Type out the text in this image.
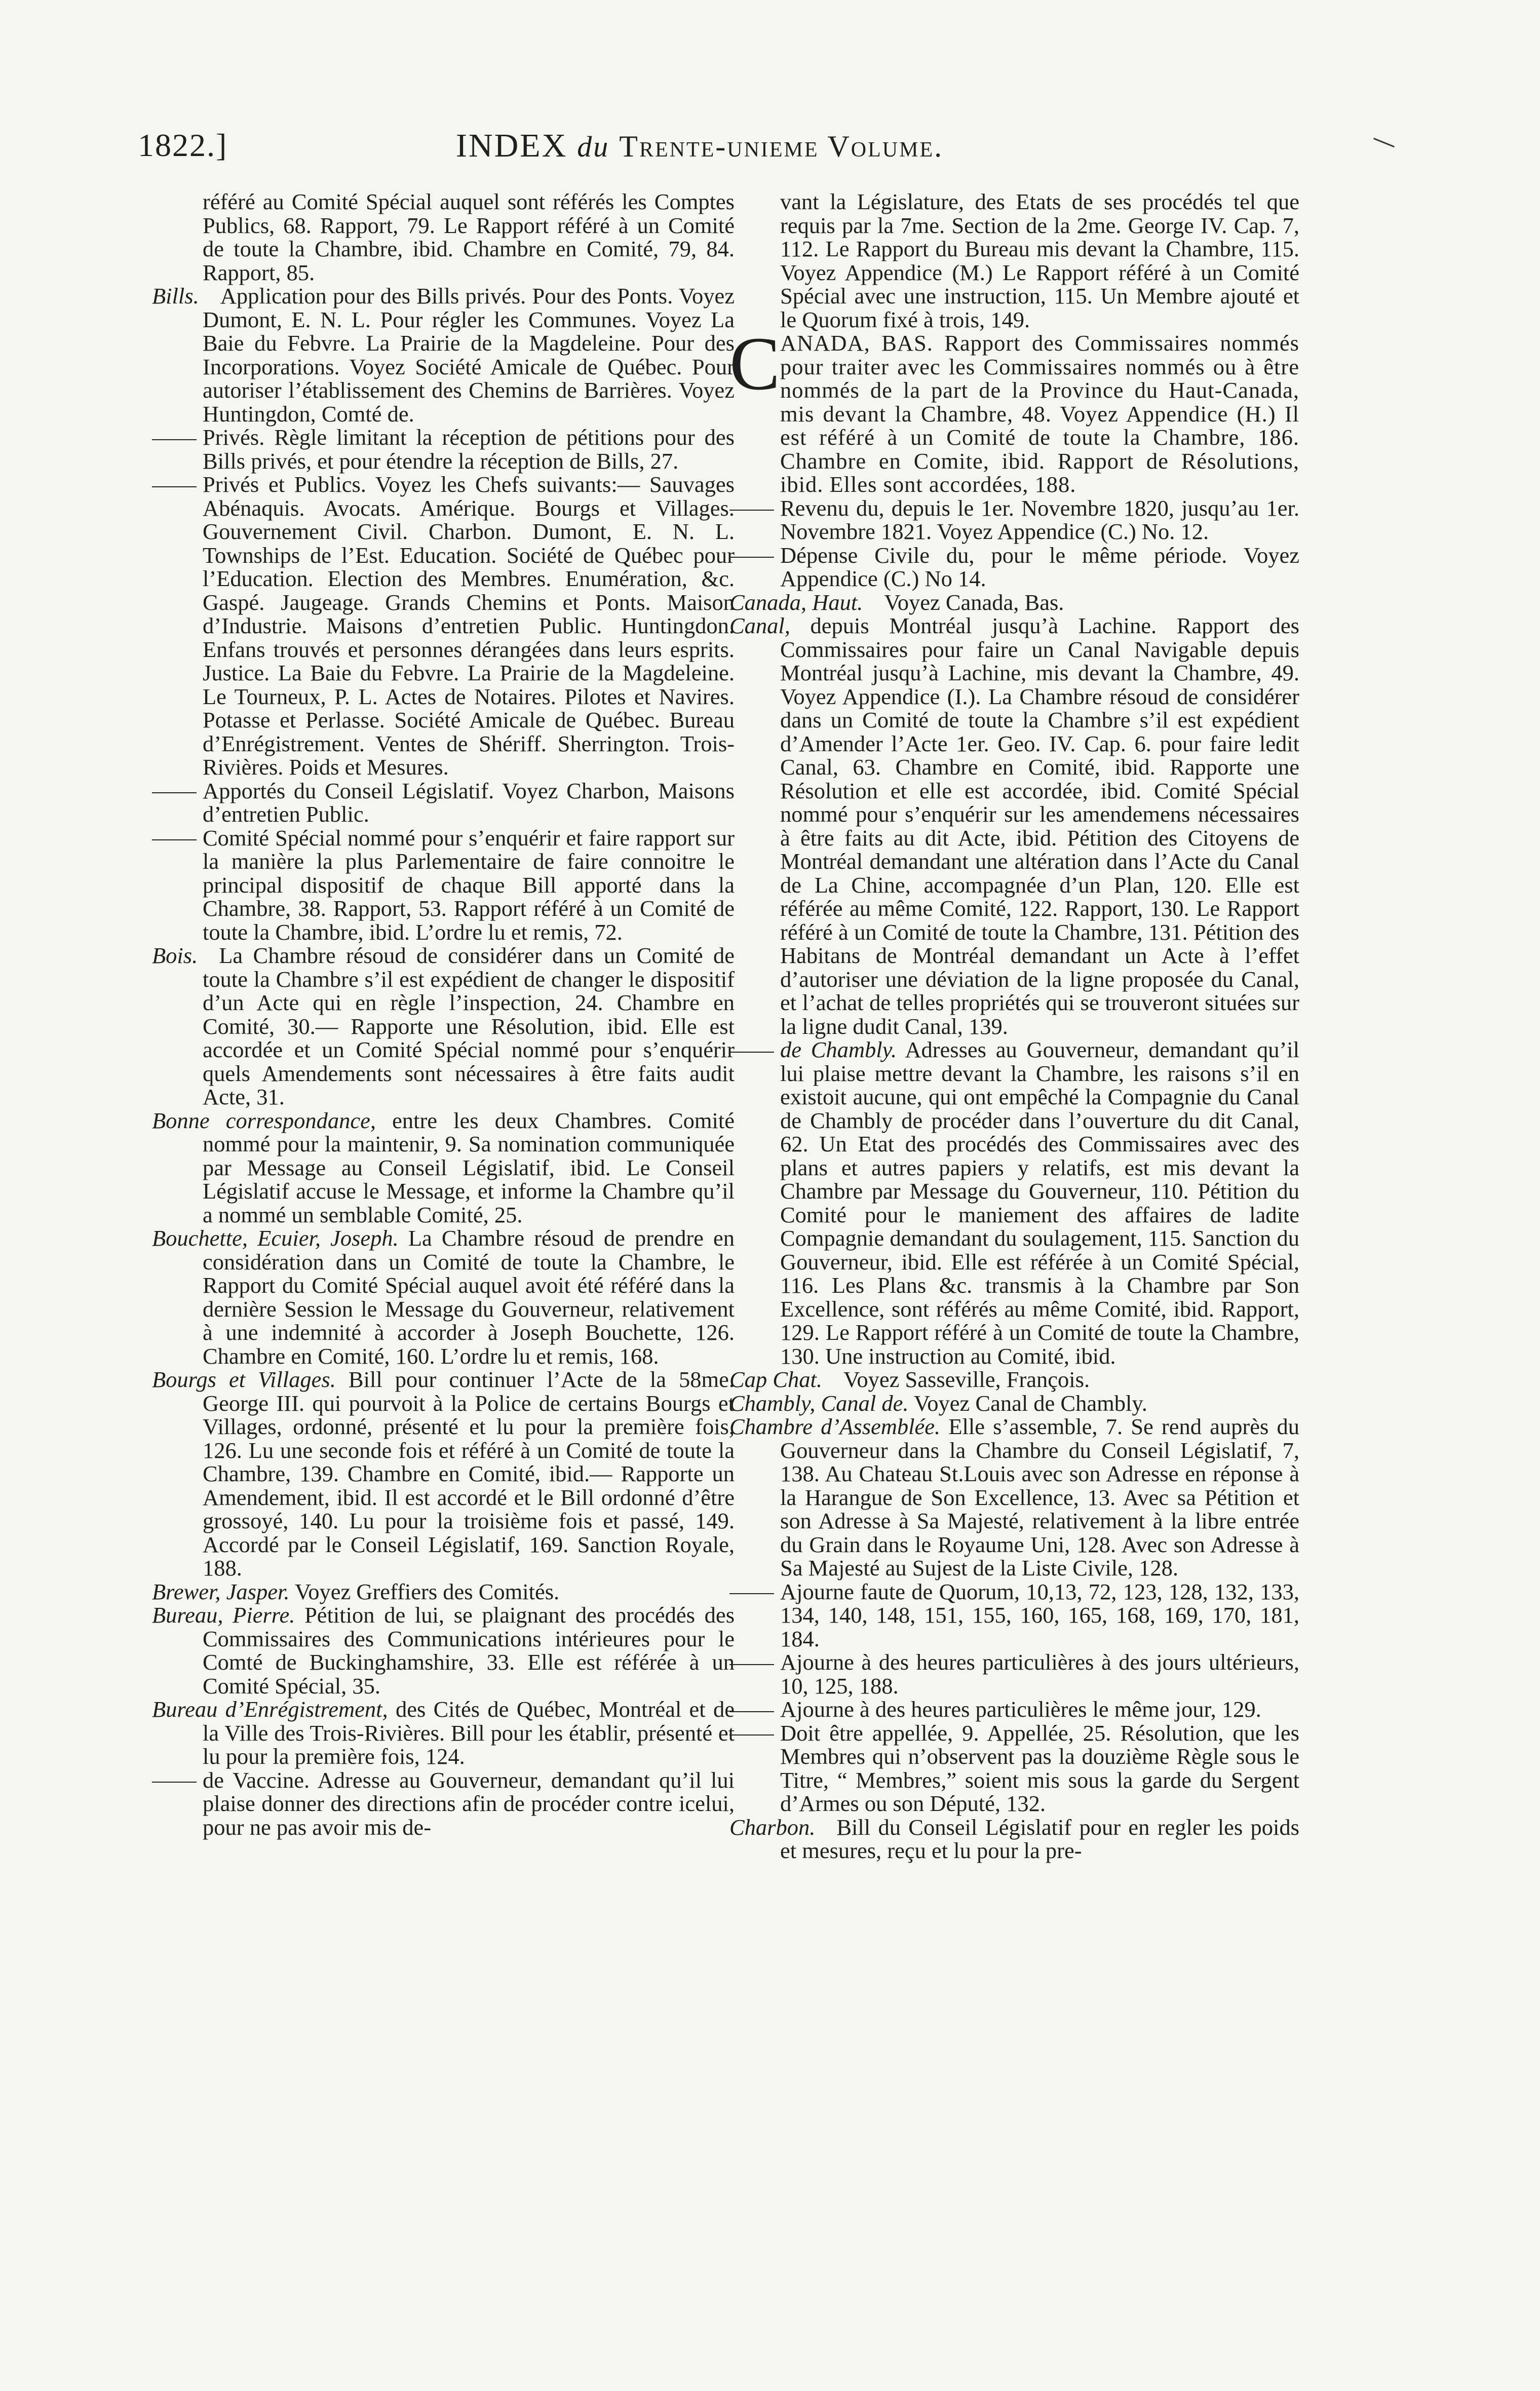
1822.]	INDEX du Trente-unieme Volume.

référé au Comité Spécial auquel sont référés les Comptes Publics, 68. Rapport, 79. Le Rapport référé à un Comité de toute la Chambre, ibid. Chambre en Comité, 79, 84. Rapport, 85.

Bills. Application pour des Bills privés. Pour des Ponts. Voyez Dumont, E. N. L. Pour régler les Communes. Voyez La Baie du Febvre. La Prairie de la Magdeleine. Pour des Incorporations. Voyez Société Amicale de Québec. Pour autoriser l’établissement des Chemins de Barrières. Voyez Huntingdon, Comté de.

Privés. Règle limitant la réception de pétitions pour des Bills privés, et pour étendre la réception de Bills, 27.

Privés et Publics. Voyez les Chefs suivants:— Sauvages Abénaquis. Avocats. Amérique. Bourgs et Villages. Gouvernement Civil. Charbon. Dumont, E. N. L. Townships de l’Est. Education. Société de Québec pour l’Education. Election des Membres. Enumération, &c. Gaspé. Jaugeage. Grands Chemins et Ponts. Maison d’Industrie. Maisons d’entretien Public. Huntingdon. Enfans trouvés et personnes dérangées dans leurs esprits. Justice. La Baie du Febvre. La Prairie de la Magdeleine. Le Tourneux, P. L. Actes de Notaires. Pilotes et Navires. Potasse et Perlasse. Société Amicale de Québec. Bureau d’Enrégistrement. Ventes de Shériff. Sherrington. Trois-Rivières. Poids et Mesures.

Apportés du Conseil Législatif. Voyez Charbon, Maisons d’entretien Public.

Comité Spécial nommé pour s’enquérir et faire rapport sur la manière la plus Parlementaire de faire connoitre le principal dispositif de chaque Bill apporté dans la Chambre, 38. Rapport, 53. Rapport référé à un Comité de toute la Chambre, ibid. L’ordre lu et remis, 72.

Bois. La Chambre résoud de considérer dans un Comité de toute la Chambre s’il est expédient de changer le dispositif d’un Acte qui en règle l’inspection, 24. Chambre en Comité, 30.— Rapporte une Résolution, ibid. Elle est accordée et un Comité Spécial nommé pour s’enquérir quels Amendements sont nécessaires à être faits audit Acte, 31.

Bonne correspondance, entre les deux Chambres. Comité nommé pour la maintenir, 9. Sa nomination communiquée par Message au Conseil Législatif, ibid. Le Conseil Législatif accuse le Message, et informe la Chambre qu’il a nommé un semblable Comité, 25.

Bouchette, Ecuier, Joseph. La Chambre résoud de prendre en considération dans un Comité de toute la Chambre, le Rapport du Comité Spécial auquel avoit été référé dans la dernière Session le Message du Gouverneur, relativement à une indemnité à accorder à Joseph Bouchette, 126. Chambre en Comité, 160. L’ordre lu et remis, 168.

Bourgs et Villages. Bill pour continuer l’Acte de la 58me. George III. qui pourvoit à la Police de certains Bourgs et Villages, ordonné, présenté et lu pour la première fois, 126. Lu une seconde fois et référé à un Comité de toute la Chambre, 139. Chambre en Comité, ibid.— Rapporte un Amendement, ibid. Il est accordé et le Bill ordonné d’être grossoyé, 140. Lu pour la troisième fois et passé, 149. Accordé par le Conseil Législatif, 169. Sanction Royale, 188.

Brewer, Jasper. Voyez Greffiers des Comités.

Bureau, Pierre. Pétition de lui, se plaignant des procédés des Commissaires des Communications intérieures pour le Comté de Buckinghamshire, 33. Elle est référée à un Comité Spécial, 35.

Bureau d’Enrégistrement, des Cités de Québec, Montréal et de la Ville des Trois-Rivières. Bill pour les établir, présenté et lu pour la première fois, 124.

de Vaccine. Adresse au Gouverneur, demandant qu’il lui plaise donner des directions afin de procéder contre icelui, pour ne pas avoir mis de-

vant la Législature, des Etats de ses procédés tel que requis par la 7me. Section de la 2me. George IV. Cap. 7, 112. Le Rapport du Bureau mis devant la Chambre, 115. Voyez Appendice (M.) Le Rapport référé à un Comité Spécial avec une instruction, 115. Un Membre ajouté et le Quorum fixé à trois, 149.

C ANADA, BAS. Rapport des Commissaires nommés pour traiter avec les Commissaires nommés ou à être nommés de la part de la Province du Haut-Canada, mis devant la Chambre, 48. Voyez Appendice (H.) Il est référé à un Comité de toute la Chambre, 186. Chambre en Comite, ibid. Rapport de Résolutions, ibid. Elles sont accordées, 188.

Revenu du, depuis le 1er. Novembre 1820, jusqu’au 1er. Novembre 1821. Voyez Appendice (C.) No. 12.

Dépense Civile du, pour le même période. Voyez Appendice (C.) No 14.

Canada, Haut. Voyez Canada, Bas.

Canal, depuis Montréal jusqu’à Lachine. Rapport des Commissaires pour faire un Canal Navigable depuis Montréal jusqu’à Lachine, mis devant la Chambre, 49. Voyez Appendice (I.). La Chambre résoud de considérer dans un Comité de toute la Chambre s’il est expédient d’Amender l’Acte 1er. Geo. IV. Cap. 6. pour faire ledit Canal, 63. Chambre en Comité, ibid. Rapporte une Résolution et elle est accordée, ibid. Comité Spécial nommé pour s’enquérir sur les amendemens nécessaires à être faits au dit Acte, ibid. Pétition des Citoyens de Montréal demandant une altération dans l’Acte du Canal de La Chine, accompagnée d’un Plan, 120. Elle est référée au même Comité, 122. Rapport, 130. Le Rapport référé à un Comité de toute la Chambre, 131. Pétition des Habitans de Montréal demandant un Acte à l’effet d’autoriser une déviation de la ligne proposée du Canal, et l’achat de telles propriétés qui se trouveront situées sur la ligne dudit Canal, 139.

de Chambly. Adresses au Gouverneur, demandant qu’il lui plaise mettre devant la Chambre, les raisons s’il en existoit aucune, qui ont empêché la Compagnie du Canal de Chambly de procéder dans l’ouverture du dit Canal, 62. Un Etat des procédés des Commissaires avec des plans et autres papiers y relatifs, est mis devant la Chambre par Message du Gouverneur, 110. Pétition du Comité pour le maniement des affaires de ladite Compagnie demandant du soulagement, 115. Sanction du Gouverneur, ibid. Elle est référée à un Comité Spécial, 116. Les Plans &c. transmis à la Chambre par Son Excellence, sont référés au même Comité, ibid. Rapport, 129. Le Rapport référé à un Comité de toute la Chambre, 130. Une instruction au Comité, ibid.

Cap Chat. Voyez Sasseville, François.

Chambly, Canal de. Voyez Canal de Chambly.

Chambre d’Assemblée. Elle s’assemble, 7. Se rend auprès du Gouverneur dans la Chambre du Conseil Législatif, 7, 138. Au Chateau St.Louis avec son Adresse en réponse à la Harangue de Son Excellence, 13. Avec sa Pétition et son Adresse à Sa Majesté, relativement à la libre entrée du Grain dans le Royaume Uni, 128. Avec son Adresse à Sa Majesté au Sujest de la Liste Civile, 128.

Ajourne faute de Quorum, 10,13, 72, 123, 128, 132, 133, 134, 140, 148, 151, 155, 160, 165, 168, 169, 170, 181, 184.

Ajourne à des heures particulières à des jours ultérieurs, 10, 125, 188.

Ajourne à des heures particulières le même jour, 129.

Doit être appellée, 9. Appellée, 25. Résolution, que les Membres qui n’observent pas la douzième Règle sous le Titre, “ Membres,” soient mis sous la garde du Sergent d’Armes ou son Député, 132.

Charbon. Bill du Conseil Législatif pour en regler les poids et mesures, reçu et lu pour la pre-
